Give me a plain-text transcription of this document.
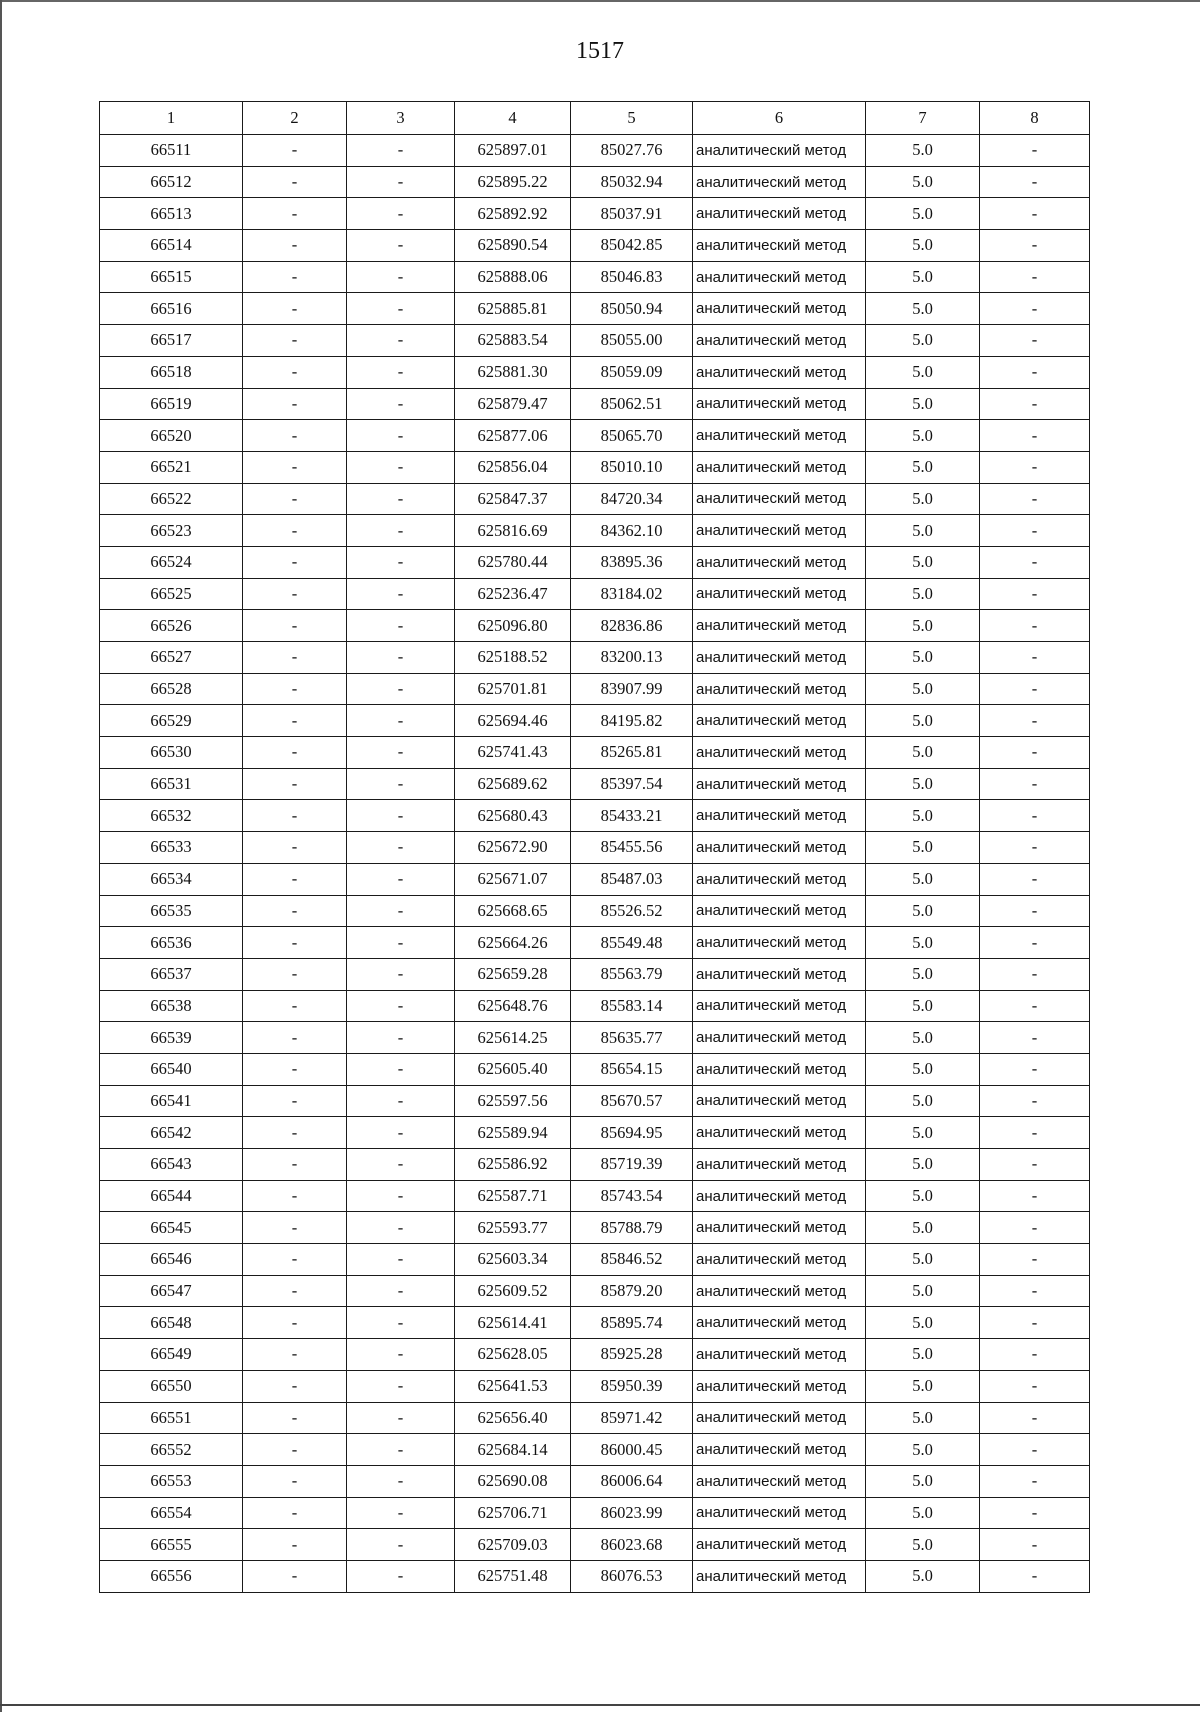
1517
1	2	3	4	5	6	7	8
66511	-	-	625897.01	85027.76	аналитический метод	5.0	-
66512	-	-	625895.22	85032.94	аналитический метод	5.0	-
66513	-	-	625892.92	85037.91	аналитический метод	5.0	-
66514	-	-	625890.54	85042.85	аналитический метод	5.0	-
66515	-	-	625888.06	85046.83	аналитический метод	5.0	-
66516	-	-	625885.81	85050.94	аналитический метод	5.0	-
66517	-	-	625883.54	85055.00	аналитический метод	5.0	-
66518	-	-	625881.30	85059.09	аналитический метод	5.0	-
66519	-	-	625879.47	85062.51	аналитический метод	5.0	-
66520	-	-	625877.06	85065.70	аналитический метод	5.0	-
66521	-	-	625856.04	85010.10	аналитический метод	5.0	-
66522	-	-	625847.37	84720.34	аналитический метод	5.0	-
66523	-	-	625816.69	84362.10	аналитический метод	5.0	-
66524	-	-	625780.44	83895.36	аналитический метод	5.0	-
66525	-	-	625236.47	83184.02	аналитический метод	5.0	-
66526	-	-	625096.80	82836.86	аналитический метод	5.0	-
66527	-	-	625188.52	83200.13	аналитический метод	5.0	-
66528	-	-	625701.81	83907.99	аналитический метод	5.0	-
66529	-	-	625694.46	84195.82	аналитический метод	5.0	-
66530	-	-	625741.43	85265.81	аналитический метод	5.0	-
66531	-	-	625689.62	85397.54	аналитический метод	5.0	-
66532	-	-	625680.43	85433.21	аналитический метод	5.0	-
66533	-	-	625672.90	85455.56	аналитический метод	5.0	-
66534	-	-	625671.07	85487.03	аналитический метод	5.0	-
66535	-	-	625668.65	85526.52	аналитический метод	5.0	-
66536	-	-	625664.26	85549.48	аналитический метод	5.0	-
66537	-	-	625659.28	85563.79	аналитический метод	5.0	-
66538	-	-	625648.76	85583.14	аналитический метод	5.0	-
66539	-	-	625614.25	85635.77	аналитический метод	5.0	-
66540	-	-	625605.40	85654.15	аналитический метод	5.0	-
66541	-	-	625597.56	85670.57	аналитический метод	5.0	-
66542	-	-	625589.94	85694.95	аналитический метод	5.0	-
66543	-	-	625586.92	85719.39	аналитический метод	5.0	-
66544	-	-	625587.71	85743.54	аналитический метод	5.0	-
66545	-	-	625593.77	85788.79	аналитический метод	5.0	-
66546	-	-	625603.34	85846.52	аналитический метод	5.0	-
66547	-	-	625609.52	85879.20	аналитический метод	5.0	-
66548	-	-	625614.41	85895.74	аналитический метод	5.0	-
66549	-	-	625628.05	85925.28	аналитический метод	5.0	-
66550	-	-	625641.53	85950.39	аналитический метод	5.0	-
66551	-	-	625656.40	85971.42	аналитический метод	5.0	-
66552	-	-	625684.14	86000.45	аналитический метод	5.0	-
66553	-	-	625690.08	86006.64	аналитический метод	5.0	-
66554	-	-	625706.71	86023.99	аналитический метод	5.0	-
66555	-	-	625709.03	86023.68	аналитический метод	5.0	-
66556	-	-	625751.48	86076.53	аналитический метод	5.0	-
